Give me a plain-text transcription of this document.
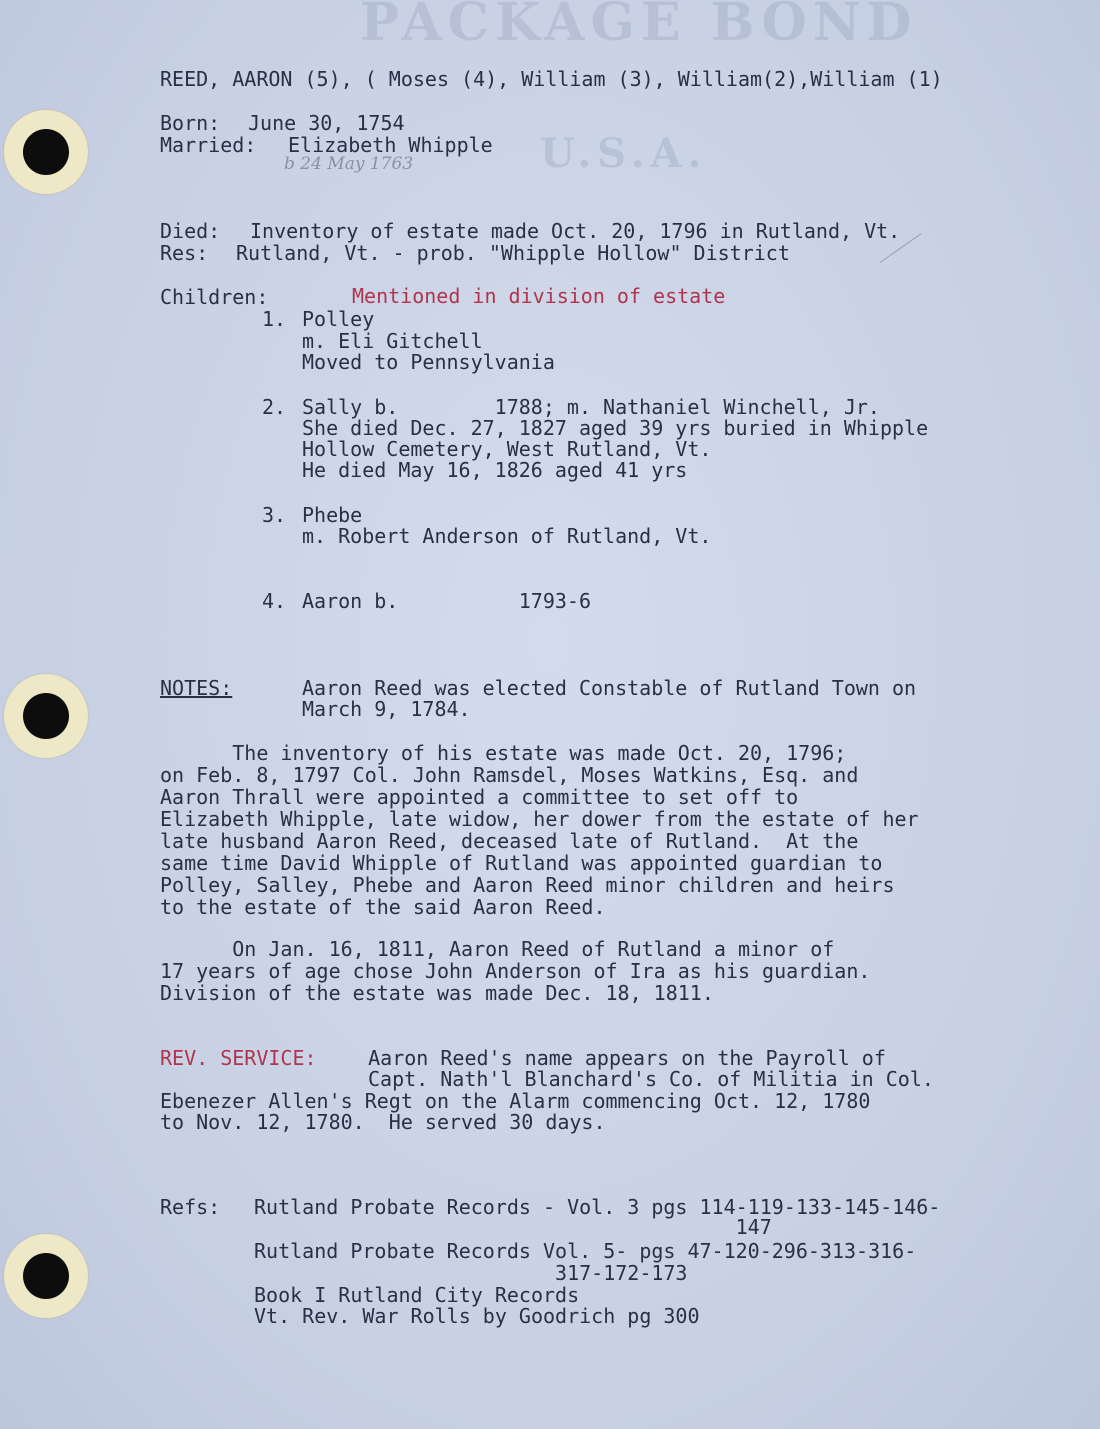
PACKAGE BOND
U.S.A.
REED, AARON (5), ( Moses (4), William (3), William(2),William (1)
Born: June 30, 1754
Married: Elizabeth Whipple
b 24 May 1763
Died: Inventory of estate made Oct. 20, 1796 in Rutland, Vt.
Res: Rutland, Vt. - prob. "Whipple Hollow" District
Children:	Mentioned in division of estate
1. Polley
m. Eli Gitchell
Moved to Pennsylvania
2. Sally b.        1788; m. Nathaniel Winchell, Jr.
She died Dec. 27, 1827 aged 39 yrs buried in Whipple
Hollow Cemetery, West Rutland, Vt.
He died May 16, 1826 aged 41 yrs
3. Phebe
m. Robert Anderson of Rutland, Vt.
4. Aaron b.          1793-6
NOTES:	Aaron Reed was elected Constable of Rutland Town on
March 9, 1784.
The inventory of his estate was made Oct. 20, 1796;
on Feb. 8, 1797 Col. John Ramsdel, Moses Watkins, Esq. and
Aaron Thrall were appointed a committee to set off to
Elizabeth Whipple, late widow, her dower from the estate of her
late husband Aaron Reed, deceased late of Rutland.  At the
same time David Whipple of Rutland was appointed guardian to
Polley, Salley, Phebe and Aaron Reed minor children and heirs
to the estate of the said Aaron Reed.
On Jan. 16, 1811, Aaron Reed of Rutland a minor of
17 years of age chose John Anderson of Ira as his guardian.
Division of the estate was made Dec. 18, 1811.
REV. SERVICE: Aaron Reed's name appears on the Payroll of
Capt. Nath'l Blanchard's Co. of Militia in Col.
Ebenezer Allen's Regt on the Alarm commencing Oct. 12, 1780
to Nov. 12, 1780.  He served 30 days.
Refs: Rutland Probate Records - Vol. 3 pgs 114-119-133-145-146-
147
Rutland Probate Records Vol. 5- pgs 47-120-296-313-316-
317-172-173
Book I Rutland City Records
Vt. Rev. War Rolls by Goodrich pg 300
